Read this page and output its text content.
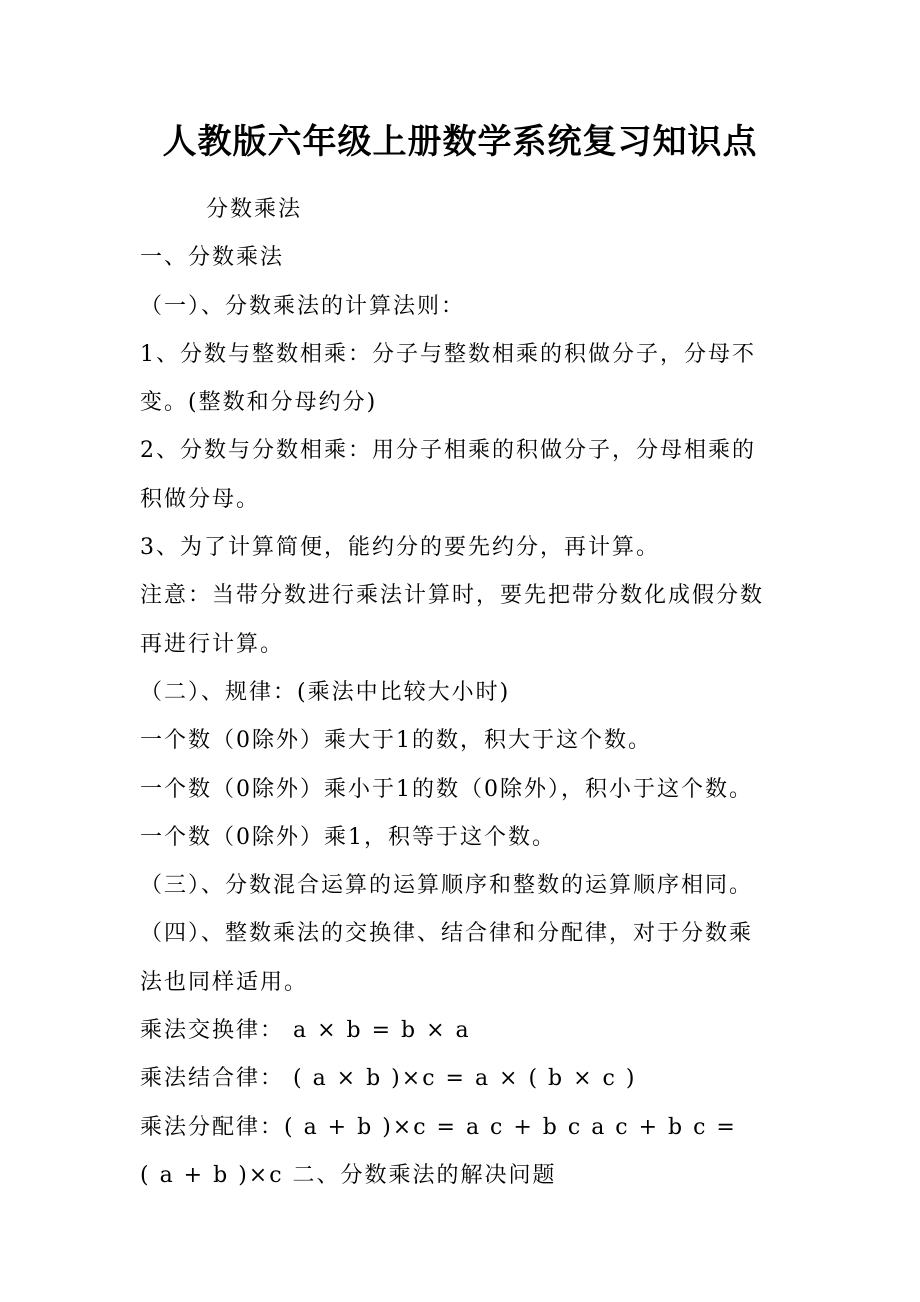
人教版六年级上册数学系统复习知识点

分数乘法

一、分数乘法

（一）、分数乘法的计算法则：

1、分数与整数相乘：分子与整数相乘的积做分子，分母不

变。(整数和分母约分)

2、分数与分数相乘：用分子相乘的积做分子，分母相乘的

积做分母。

3、为了计算简便，能约分的要先约分，再计算。

注意：当带分数进行乘法计算时，要先把带分数化成假分数

再进行计算。

（二）、规律：(乘法中比较大小时)

一个数（0除外）乘大于1的数，积大于这个数。

一个数（0除外）乘小于1的数（0除外），积小于这个数。

一个数（0除外）乘1，积等于这个数。

（三）、分数混合运算的运算顺序和整数的运算顺序相同。

（四）、整数乘法的交换律、结合律和分配律，对于分数乘

法也同样适用。

乘法交换律： a × b = b × a

乘法结合律： ( a × b )×c = a × ( b × c )

乘法分配律：( a + b )×c = a c + b c a c + b c =

( a + b )×c 二、分数乘法的解决问题
